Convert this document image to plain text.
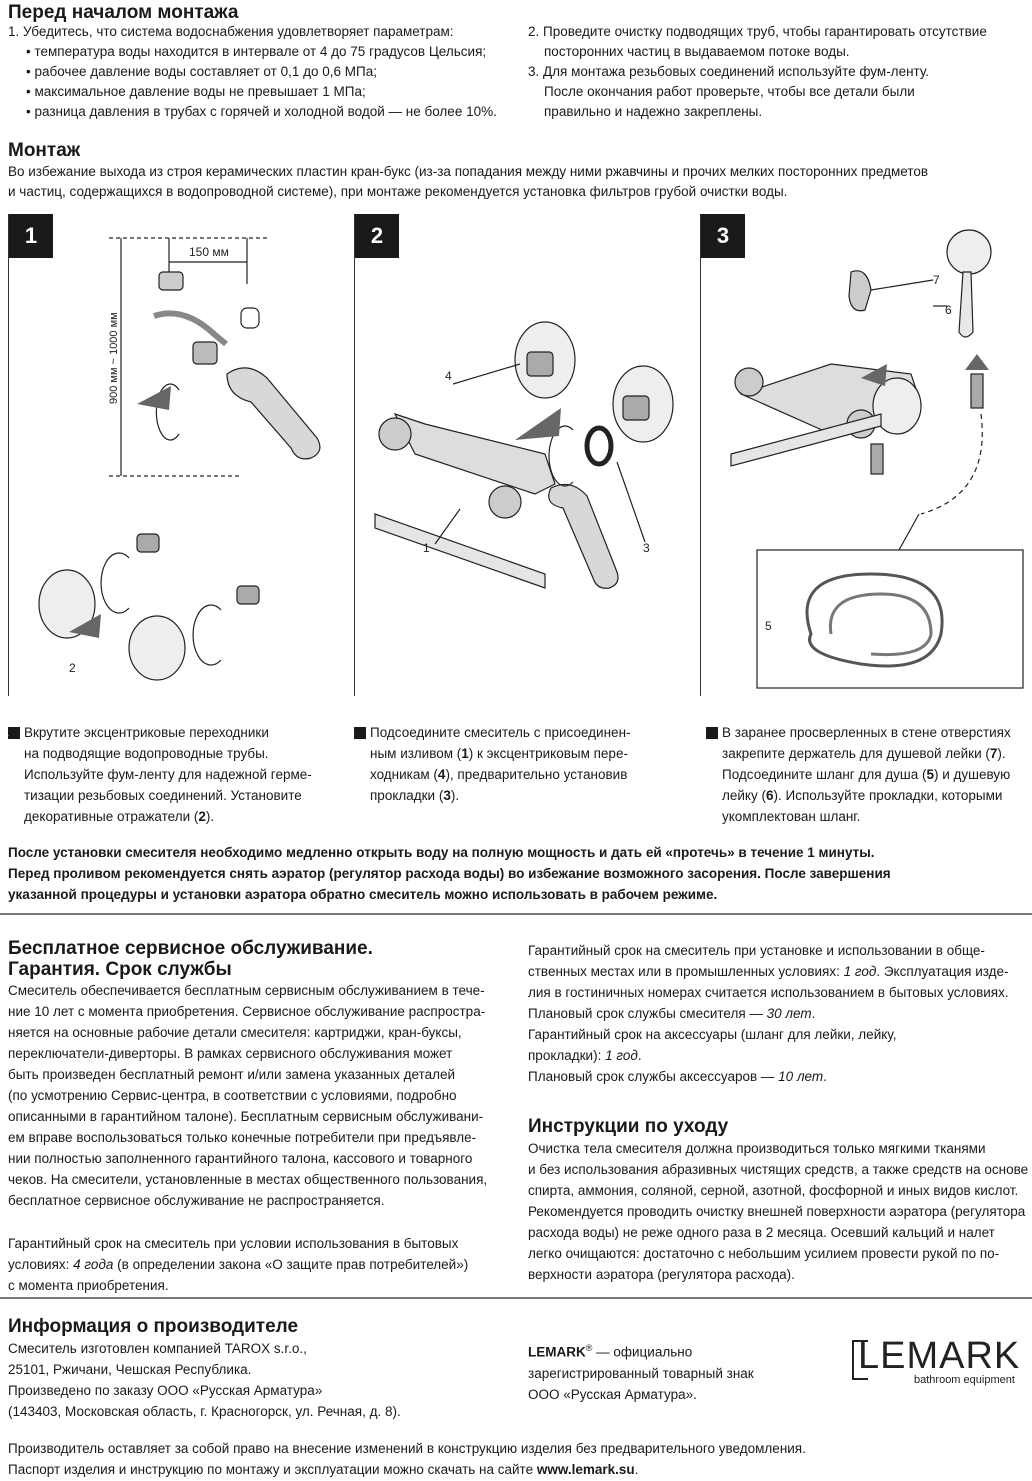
Перед началом монтажа
1. Убедитесь, что система водоснабжения удовлетворяет параметрам:
• температура воды находится в интервале от 4 до 75 градусов Цельсия;
• рабочее давление воды составляет от 0,1 до 0,6 МПа;
• максимальное давление воды не превышает 1 МПа;
• разница давления в трубах с горячей и холодной водой — не более 10%.
2. Проведите очистку подводящих труб, чтобы гарантировать отсутствие
посторонних частиц в выдаваемом потоке воды.
3. Для монтажа резьбовых соединений используйте фум-ленту.
После окончания работ проверьте, чтобы все детали были
правильно и надежно закреплены.
Монтаж
Во избежание выхода из строя керамических пластин кран-букс (из-за попадания между ними ржавчины и прочих мелких посторонних предметов
и частиц, содержащихся в водопроводной системе), при монтаже рекомендуется установка фильтров грубой очистки воды.
1
150 мм
900 мм ~ 1000 мм
2
2
4
1	3
3
7
6
5

1 Вкрутите эксцентриковые переходники
на подводящие водопроводные трубы.
Используйте фум-ленту для надежной герме-
тизации резьбовых соединений. Установите
декоративные отражатели (2).

2 Подсоедините смеситель с присоединен-
ным изливом (1) к эксцентриковым пере-
ходникам (4), предварительно установив
прокладки (3).

3 В заранее просверленных в стене отверстиях
закрепите держатель для душевой лейки (7).
Подсоедините шланг для душа (5) и душевую
лейку (6). Используйте прокладки, которыми
укомплектован шланг.

После установки смесителя необходимо медленно открыть воду на полную мощность и дать ей «протечь» в течение 1 минуты.
Перед проливом рекомендуется снять аэратор (регулятор расхода воды) во избежание возможного засорения. После завершения
указанной процедуры и установки аэратора обратно смеситель можно использовать в рабочем режиме.
Бесплатное сервисное обслуживание.
Гарантия. Срок службы
Смеситель обеспечивается бесплатным сервисным обслуживанием в тече-
ние 10 лет с момента приобретения. Сервисное обслуживание распростра-
няется на основные рабочие детали смесителя: картриджи, кран-буксы,
переключатели-диверторы. В рамках сервисного обслуживания может
быть произведен бесплатный ремонт и/или замена указанных деталей
(по усмотрению Сервис-центра, в соответствии с условиями, подробно
описанными в гарантийном талоне). Бесплатным сервисным обслуживани-
ем вправе воспользоваться только конечные потребители при предъявле-
нии полностью заполненного гарантийного талона, кассового и товарного
чеков. На смесители, установленные в местах общественного пользования,
бесплатное сервисное обслуживание не распространяется.
Гарантийный срок на смеситель при условии использования в бытовых
условиях: 4 года (в определении закона «О защите прав потребителей»)
с момента приобретения.
Гарантийный срок на смеситель при установке и использовании в обще-
ственных местах или в промышленных условиях: 1 год. Эксплуатация изде-
лия в гостиничных номерах считается использованием в бытовых условиях.
Плановый срок службы смесителя — 30 лет.
Гарантийный срок на аксессуары (шланг для лейки, лейку,
прокладки): 1 год.
Плановый срок службы аксессуаров — 10 лет.
Инструкции по уходу
Очистка тела смесителя должна производиться только мягкими тканями
и без использования абразивных чистящих средств, а также средств на основе
спирта, аммония, соляной, серной, азотной, фосфорной и иных видов кислот.
Рекомендуется проводить очистку внешней поверхности аэратора (регулятора
расхода воды) не реже одного раза в 2 месяца. Осевший кальций и налет
легко очищаются: достаточно с небольшим усилием провести рукой по по-
верхности аэратора (регулятора расхода).
Информация о производителе
Смеситель изготовлен компанией TAROX s.r.o.,
25101, Ржичани, Чешская Республика.
Произведено по заказу ООО «Русская Арматура»
(143403, Московская область, г. Красногорск, ул. Речная, д. 8).
LEMARK® — официально
зарегистрированный товарный знак
ООО «Русская Арматура».
LEMARK
bathroom equipment
Производитель оставляет за собой право на внесение изменений в конструкцию изделия без предварительного уведомления.
Паспорт изделия и инструкцию по монтажу и эксплуатации можно скачать на сайте www.lemark.su.
